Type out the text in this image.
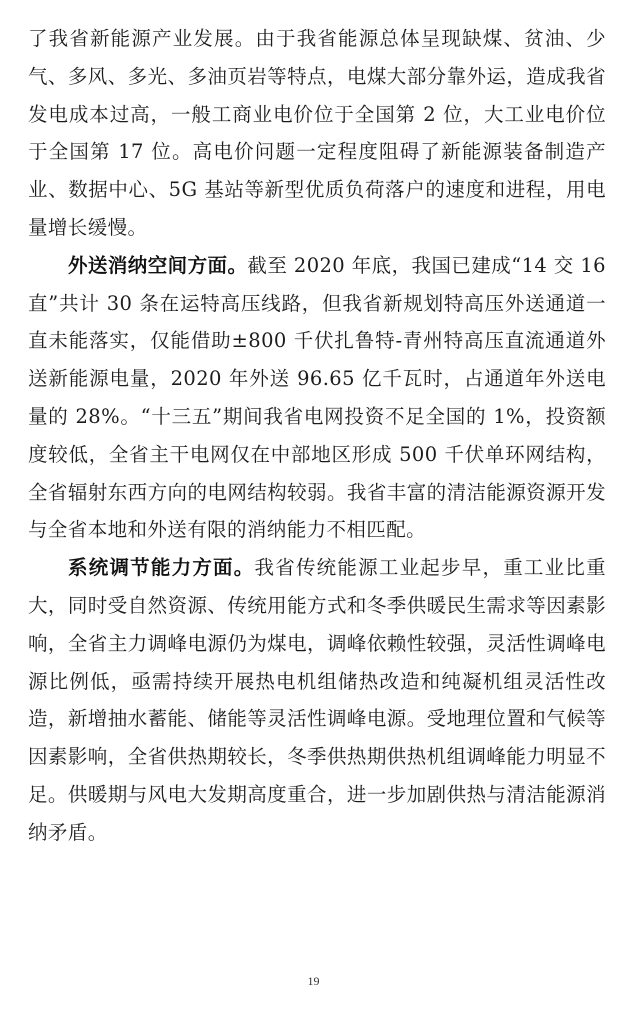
了我省新能源产业发展。由于我省能源总体呈现缺煤、贫油、少气、多风、多光、多油页岩等特点，电煤大部分靠外运，造成我省发电成本过高，一般工商业电价位于全国第 2 位，大工业电价位于全国第 17 位。高电价问题一定程度阻碍了新能源装备制造产业、数据中心、5G 基站等新型优质负荷落户的速度和进程，用电量增长缓慢。

外送消纳空间方面。截至 2020 年底，我国已建成“14 交 16 直”共计 30 条在运特高压线路，但我省新规划特高压外送通道一直未能落实，仅能借助±800 千伏扎鲁特-青州特高压直流通道外送新能源电量，2020 年外送 96.65 亿千瓦时，占通道年外送电量的 28%。“十三五”期间我省电网投资不足全国的 1%，投资额度较低，全省主干电网仅在中部地区形成 500 千伏单环网结构，全省辐射东西方向的电网结构较弱。我省丰富的清洁能源资源开发与全省本地和外送有限的消纳能力不相匹配。

系统调节能力方面。我省传统能源工业起步早，重工业比重大，同时受自然资源、传统用能方式和冬季供暖民生需求等因素影响，全省主力调峰电源仍为煤电，调峰依赖性较强，灵活性调峰电源比例低，亟需持续开展热电机组储热改造和纯凝机组灵活性改造，新增抽水蓄能、储能等灵活性调峰电源。受地理位置和气候等因素影响，全省供热期较长，冬季供热期供热机组调峰能力明显不足。供暖期与风电大发期高度重合，进一步加剧供热与清洁能源消纳矛盾。

19
